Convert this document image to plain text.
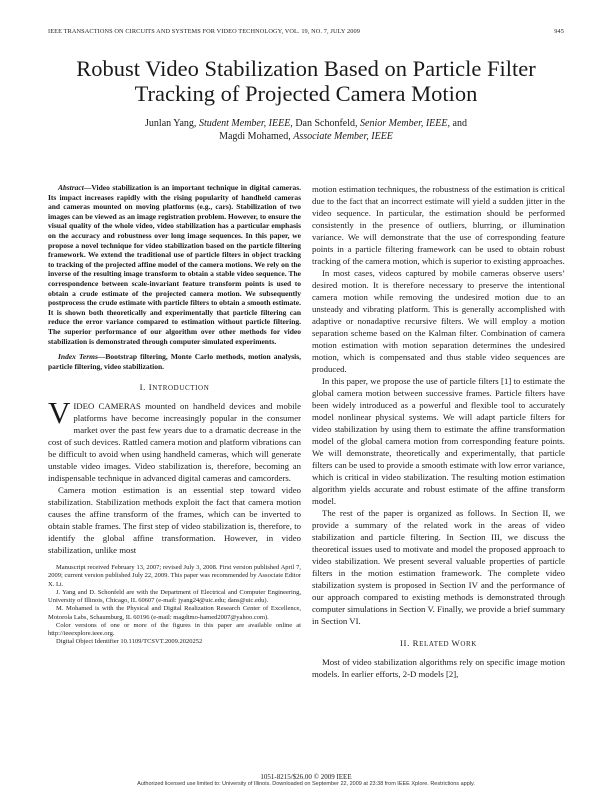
IEEE TRANSACTIONS ON CIRCUITS AND SYSTEMS FOR VIDEO TECHNOLOGY, VOL. 19, NO. 7, JULY 2009	945
Robust Video Stabilization Based on Particle Filter Tracking of Projected Camera Motion
Junlan Yang, Student Member, IEEE, Dan Schonfeld, Senior Member, IEEE, and
Magdi Mohamed, Associate Member, IEEE

Abstract—Video stabilization is an important technique in digital cameras. Its impact increases rapidly with the rising popularity of handheld cameras and cameras mounted on moving platforms (e.g., cars). Stabilization of two images can be viewed as an image registration problem. However, to ensure the visual quality of the whole video, video stabilization has a particular emphasis on the accuracy and robustness over long image sequences. In this paper, we propose a novel technique for video stabilization based on the particle filtering framework. We extend the traditional use of particle filters in object tracking to tracking of the projected affine model of the camera motions. We rely on the inverse of the resulting image transform to obtain a stable video sequence. The correspondence between scale-invariant feature transform points is used to obtain a crude estimate of the projected camera motion. We subsequently postprocess the crude estimate with particle filters to obtain a smooth estimate. It is shown both theoretically and experimentally that particle filtering can reduce the error variance compared to estimation without particle filtering. The superior performance of our algorithm over other methods for video stabilization is demonstrated through computer simulated experiments.

Index Terms—Bootstrap filtering, Monte Carlo methods, motion analysis, particle filtering, video stabilization.

I. INTRODUCTION

VIDEO CAMERAS mounted on handheld devices and mobile platforms have become increasingly popular in the consumer market over the past few years due to a dramatic decrease in the cost of such devices. Rattled camera motion and platform vibrations can be difficult to avoid when using handheld cameras, which will generate unstable video images. Video stabilization is, therefore, becoming an indispensable technique in advanced digital cameras and camcorders.

Camera motion estimation is an essential step toward video stabilization. Stabilization methods exploit the fact that camera motion causes the affine transform of the frames, which can be inverted to obtain stable frames. The first step of video stabilization is, therefore, to identify the global affine transformation. However, in video stabilization, unlike most

Manuscript received February 13, 2007; revised July 3, 2008. First version published April 7, 2009; current version published July 22, 2009. This paper was recommended by Associate Editor X. Li.

J. Yang and D. Schonfeld are with the Department of Electrical and Computer Engineering, University of Illinois, Chicago, IL 60607 (e-mail: jyang24@uic.edu; dans@uic.edu).

M. Mohamed is with the Physical and Digital Realization Research Center of Excellence, Motorola Labs, Schaumburg, IL 60196 (e-mail: magdimo-hamed2007@yahoo.com).

Color versions of one or more of the figures in this paper are available online at http://ieeexplore.ieee.org.

Digital Object Identifier 10.1109/TCSVT.2009.2020252

motion estimation techniques, the robustness of the estimation is critical due to the fact that an incorrect estimate will yield a sudden jitter in the video sequence. In particular, the estimation should be performed consistently in the presence of outliers, blurring, or illumination variance. We will demonstrate that the use of corresponding feature points in a particle filtering framework can be used to obtain robust tracking of the camera motion, which is superior to existing approaches.

In most cases, videos captured by mobile cameras observe users’ desired motion. It is therefore necessary to preserve the intentional camera motion while removing the undesired motion due to an unsteady and vibrating platform. This is generally accomplished with adaptive or nonadaptive recursive filters. We will employ a motion separation scheme based on the Kalman filter. Combination of camera motion estimation with motion separation determines the undesired motion, which is compensated and thus stable video sequences are produced.

In this paper, we propose the use of particle filters [1] to estimate the global camera motion between successive frames. Particle filters have been widely introduced as a powerful and flexible tool to accurately model nonlinear physical systems. We will adapt particle filters for video stabilization by using them to estimate the affine transformation model of the global camera motion from corresponding feature points. We will demonstrate, theoretically and experimentally, that particle filters can be used to provide a smooth estimate with low error variance, which is critical in video stabilization. The resulting motion estimation algorithm yields accurate and robust estimate of the affine transform model.

The rest of the paper is organized as follows. In Section II, we provide a summary of the related work in the areas of video stabilization and particle filtering. In Section III, we discuss the theoretical issues used to motivate and model the proposed approach to video stabilization. We present several valuable properties of particle filters in the motion estimation framework. The complete video stabilization system is proposed in Section IV and the performance of our approach compared to existing methods is demonstrated through computer simulations in Section V. Finally, we provide a brief summary in Section VI.

II. RELATED WORK

Most of video stabilization algorithms rely on specific image motion models. In earlier efforts, 2-D models [2],

1051-8215/$26.00 © 2009 IEEE
Authorized licensed use limited to: University of Illinois. Downloaded on September 22, 2009 at 23:38 from IEEE Xplore. Restrictions apply.
